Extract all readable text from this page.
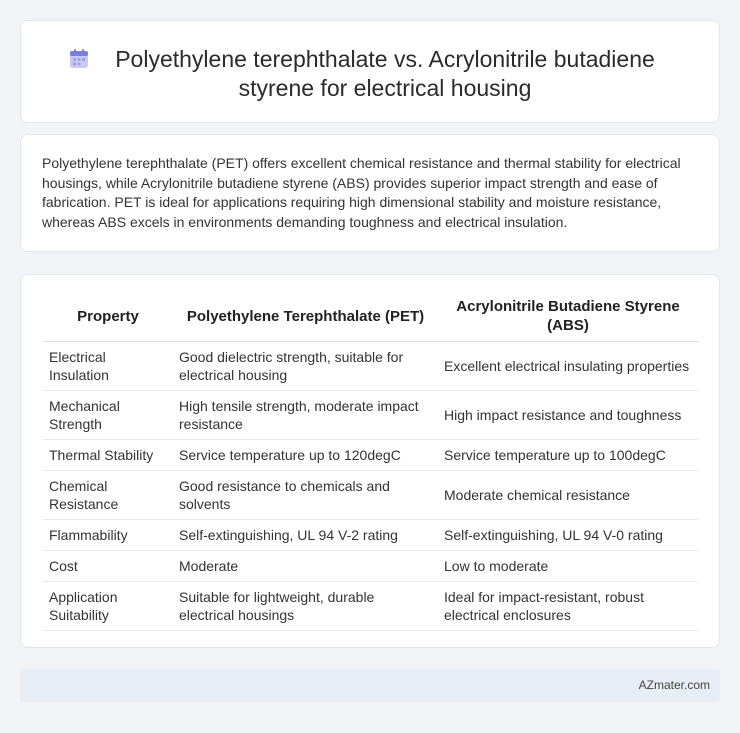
Polyethylene terephthalate vs. Acrylonitrile butadiene styrene for electrical housing

Polyethylene terephthalate (PET) offers excellent chemical resistance and thermal stability for electrical housings, while Acrylonitrile butadiene styrene (ABS) provides superior impact strength and ease of fabrication. PET is ideal for applications requiring high dimensional stability and moisture resistance, whereas ABS excels in environments demanding toughness and electrical insulation.

Property	Polyethylene Terephthalate (PET)	Acrylonitrile Butadiene Styrene (ABS)
Electrical Insulation	Good dielectric strength, suitable for electrical housing	Excellent electrical insulating properties
Mechanical Strength	High tensile strength, moderate impact resistance	High impact resistance and toughness
Thermal Stability	Service temperature up to 120degC	Service temperature up to 100degC
Chemical Resistance	Good resistance to chemicals and solvents	Moderate chemical resistance
Flammability	Self-extinguishing, UL 94 V-2 rating	Self-extinguishing, UL 94 V-0 rating
Cost	Moderate	Low to moderate
Application Suitability	Suitable for lightweight, durable electrical housings	Ideal for impact-resistant, robust electrical enclosures
AZmater.com
